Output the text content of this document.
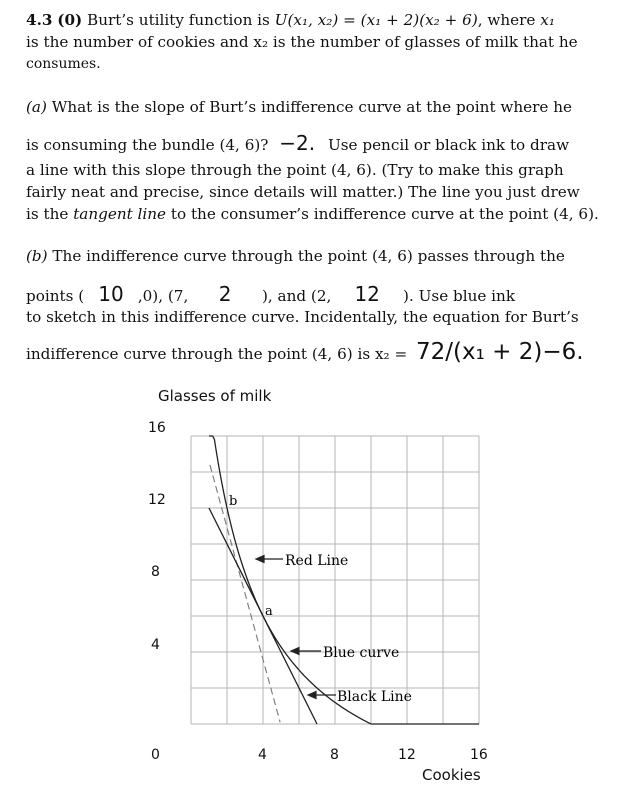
4.3 (0) Burt’s utility function is U(x₁, x₂) = (x₁ + 2)(x₂ + 6), where x₁
is the number of cookies and x₂ is the number of glasses of milk that he
consumes.
(a) What is the slope of Burt’s indifference curve at the point where he
is consuming the bundle (4, 6)? −2. Use pencil or black ink to draw
a line with this slope through the point (4, 6). (Try to make this graph
fairly neat and precise, since details will matter.) The line you just drew
is the tangent line to the consumer’s indifference curve at the point (4, 6).
(b) The indifference curve through the point (4, 6) passes through the
points ( 10 ,0), (7, 2 ), and (2, 12 ). Use blue ink
to sketch in this indifference curve. Incidentally, the equation for Burt’s
indifference curve through the point (4, 6) is x₂ = 72/(x₁ + 2)−6.
Glasses of milk
Cookies
16
12
8
4
0	4	8	12	16
b
a
Red Line
Blue curve
Black Line
